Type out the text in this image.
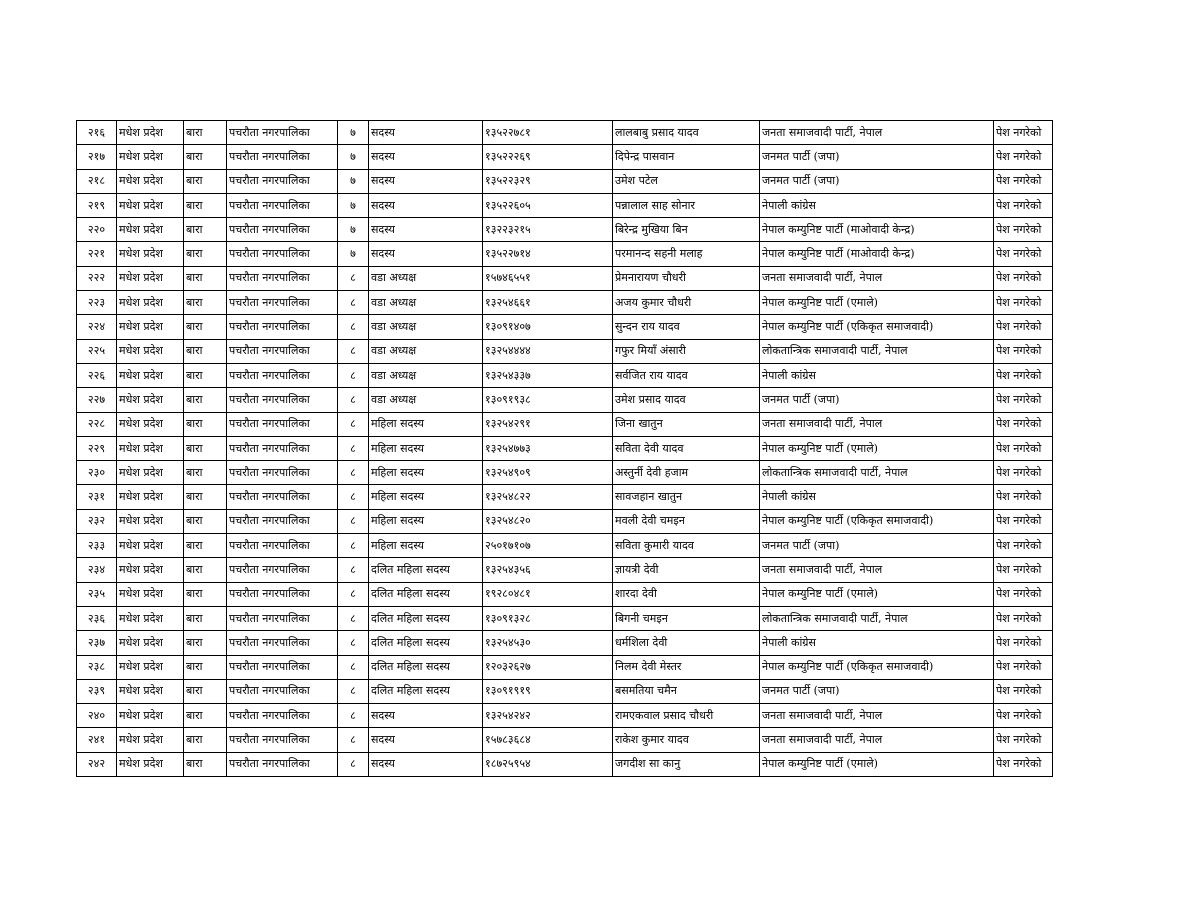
२१६	मधेश प्रदेश	बारा	पचरौता नगरपालिका	७	सदस्य	१३५२२७८१	लालबाबु प्रसाद यादव	जनता समाजवादी पार्टी, नेपाल	पेश नगरेको
२१७	मधेश प्रदेश	बारा	पचरौता नगरपालिका	७	सदस्य	१३५२२२६९	दिपेन्द्र पासवान	जनमत पार्टी (जपा)	पेश नगरेको
२१८	मधेश प्रदेश	बारा	पचरौता नगरपालिका	७	सदस्य	१३५२२३२९	उमेश पटेल	जनमत पार्टी (जपा)	पेश नगरेको
२१९	मधेश प्रदेश	बारा	पचरौता नगरपालिका	७	सदस्य	१३५२२६०५	पन्नालाल साह सोनार	नेपाली कांग्रेस	पेश नगरेको
२२०	मधेश प्रदेश	बारा	पचरौता नगरपालिका	७	सदस्य	१३२२३२१५	बिरेन्द्र मुखिया बिन	नेपाल कम्युनिष्ट पार्टी (माओवादी केन्द्र)	पेश नगरेको
२२१	मधेश प्रदेश	बारा	पचरौता नगरपालिका	७	सदस्य	१३५२२७१४	परमानन्द सहनी मलाह	नेपाल कम्युनिष्ट पार्टी (माओवादी केन्द्र)	पेश नगरेको
२२२	मधेश प्रदेश	बारा	पचरौता नगरपालिका	८	वडा अध्यक्ष	१५७४६५५१	प्रेमनारायण चौधरी	जनता समाजवादी पार्टी, नेपाल	पेश नगरेको
२२३	मधेश प्रदेश	बारा	पचरौता नगरपालिका	८	वडा अध्यक्ष	१३२५४६६१	अजय कुमार चौधरी	नेपाल कम्युनिष्ट पार्टी (एमाले)	पेश नगरेको
२२४	मधेश प्रदेश	बारा	पचरौता नगरपालिका	८	वडा अध्यक्ष	१३०९१४०७	सुन्दन राय यादव	नेपाल कम्युनिष्ट पार्टी (एकिकृत समाजवादी)	पेश नगरेको
२२५	मधेश प्रदेश	बारा	पचरौता नगरपालिका	८	वडा अध्यक्ष	१३२५४४४४	गफुर मियाँ अंसारी	लोकतान्त्रिक समाजवादी पार्टी, नेपाल	पेश नगरेको
२२६	मधेश प्रदेश	बारा	पचरौता नगरपालिका	८	वडा अध्यक्ष	१३२५४३३७	सर्वजित राय यादव	नेपाली कांग्रेस	पेश नगरेको
२२७	मधेश प्रदेश	बारा	पचरौता नगरपालिका	८	वडा अध्यक्ष	१३०९१९३८	उमेश प्रसाद यादव	जनमत पार्टी (जपा)	पेश नगरेको
२२८	मधेश प्रदेश	बारा	पचरौता नगरपालिका	८	महिला सदस्य	१३२५४२९१	जिना खातुन	जनता समाजवादी पार्टी, नेपाल	पेश नगरेको
२२९	मधेश प्रदेश	बारा	पचरौता नगरपालिका	८	महिला सदस्य	१३२५४७७३	सविता देवी यादव	नेपाल कम्युनिष्ट पार्टी (एमाले)	पेश नगरेको
२३०	मधेश प्रदेश	बारा	पचरौता नगरपालिका	८	महिला सदस्य	१३२५४९०९	अस्तुर्नी देवी हजाम	लोकतान्त्रिक समाजवादी पार्टी, नेपाल	पेश नगरेको
२३१	मधेश प्रदेश	बारा	पचरौता नगरपालिका	८	महिला सदस्य	१३२५४८२२	सावजहान खातुन	नेपाली कांग्रेस	पेश नगरेको
२३२	मधेश प्रदेश	बारा	पचरौता नगरपालिका	८	महिला सदस्य	१३२५४८२०	मवली देवी चमइन	नेपाल कम्युनिष्ट पार्टी (एकिकृत समाजवादी)	पेश नगरेको
२३३	मधेश प्रदेश	बारा	पचरौता नगरपालिका	८	महिला सदस्य	२५०१७१०७	सविता कुमारी यादव	जनमत पार्टी (जपा)	पेश नगरेको
२३४	मधेश प्रदेश	बारा	पचरौता नगरपालिका	८	दलित महिला सदस्य	१३२५४३५६	ज्ञायत्री देवी	जनता समाजवादी पार्टी, नेपाल	पेश नगरेको
२३५	मधेश प्रदेश	बारा	पचरौता नगरपालिका	८	दलित महिला सदस्य	१९२८०४८१	शारदा देवी	नेपाल कम्युनिष्ट पार्टी (एमाले)	पेश नगरेको
२३६	मधेश प्रदेश	बारा	पचरौता नगरपालिका	८	दलित महिला सदस्य	१३०९१३२८	बिगनी चमइन	लोकतान्त्रिक समाजवादी पार्टी, नेपाल	पेश नगरेको
२३७	मधेश प्रदेश	बारा	पचरौता नगरपालिका	८	दलित महिला सदस्य	१३२५४५३०	धर्मशिला देवी	नेपाली कांग्रेस	पेश नगरेको
२३८	मधेश प्रदेश	बारा	पचरौता नगरपालिका	८	दलित महिला सदस्य	१२०३२६२७	निलम देवी मेस्तर	नेपाल कम्युनिष्ट पार्टी (एकिकृत समाजवादी)	पेश नगरेको
२३९	मधेश प्रदेश	बारा	पचरौता नगरपालिका	८	दलित महिला सदस्य	१३०९१९१९	बसमतिया चमैन	जनमत पार्टी (जपा)	पेश नगरेको
२४०	मधेश प्रदेश	बारा	पचरौता नगरपालिका	८	सदस्य	१३२५४२४२	रामएकवाल प्रसाद चौधरी	जनता समाजवादी पार्टी, नेपाल	पेश नगरेको
२४१	मधेश प्रदेश	बारा	पचरौता नगरपालिका	८	सदस्य	१५७८३६८४	राकेश कुमार यादव	जनता समाजवादी पार्टी, नेपाल	पेश नगरेको
२४२	मधेश प्रदेश	बारा	पचरौता नगरपालिका	८	सदस्य	१८७२५९५४	जगदीश सा कानु	नेपाल कम्युनिष्ट पार्टी (एमाले)	पेश नगरेको
